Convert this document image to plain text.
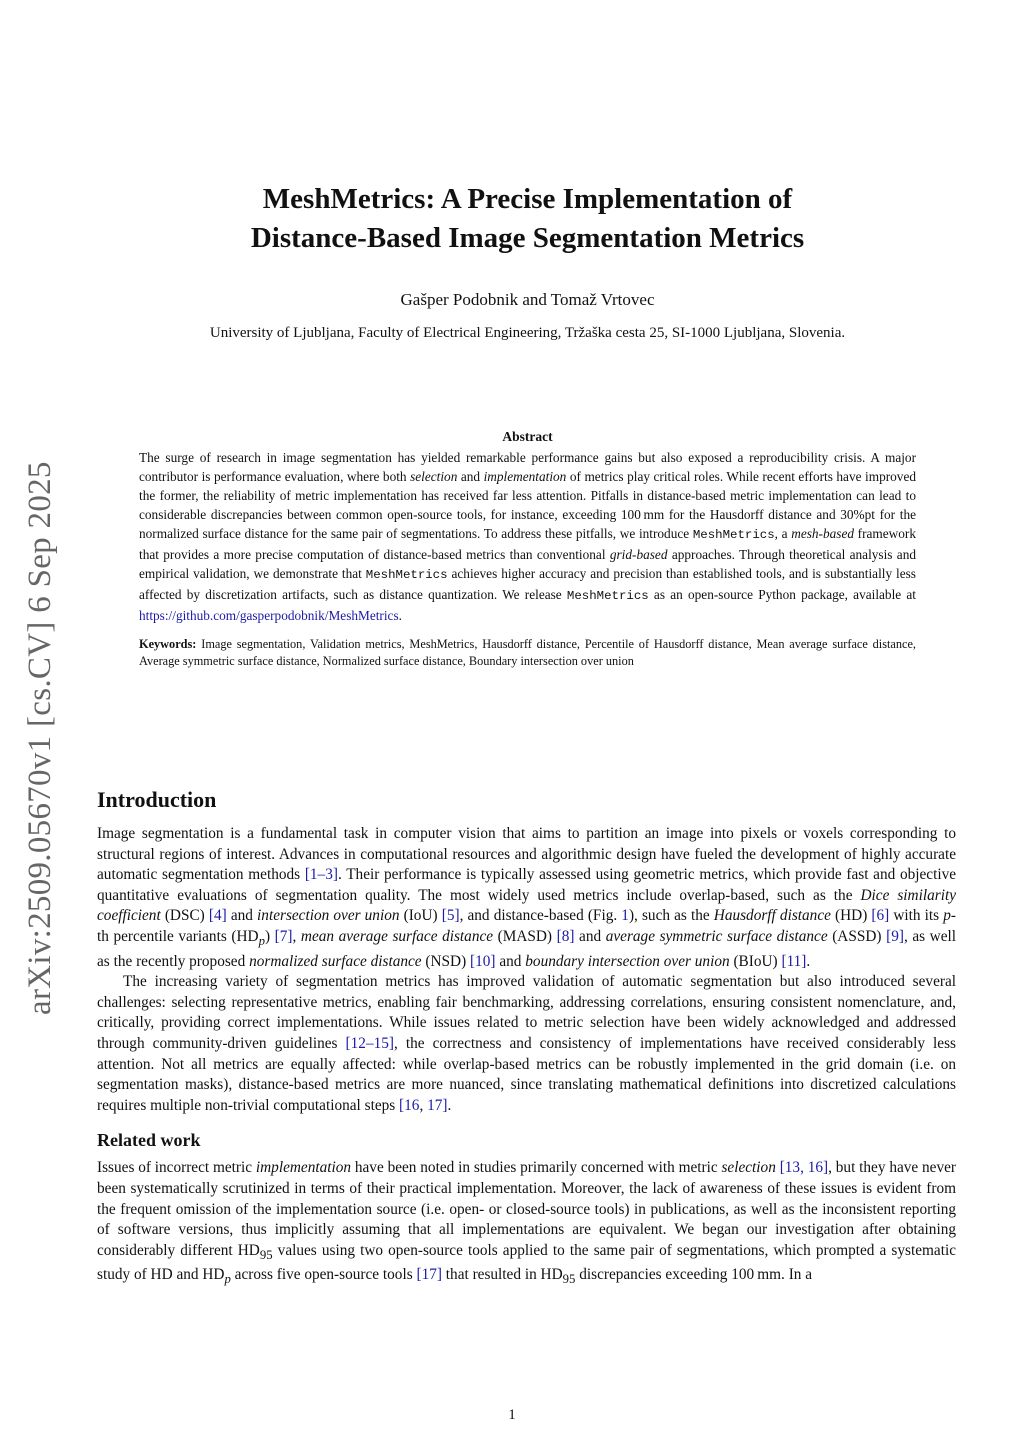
arXiv:2509.05670v1 [cs.CV] 6 Sep 2025
MeshMetrics: A Precise Implementation of
Distance-Based Image Segmentation Metrics
Gašper Podobnik and Tomaž Vrtovec
University of Ljubljana, Faculty of Electrical Engineering, Tržaška cesta 25, SI-1000 Ljubljana, Slovenia.
Abstract

The surge of research in image segmentation has yielded remarkable performance gains but also exposed a reproducibility crisis. A major contributor is performance evaluation, where both selection and implementation of metrics play critical roles. While recent efforts have improved the former, the reliability of metric implementation has received far less attention. Pitfalls in distance-based metric implementation can lead to considerable discrepancies between common open-source tools, for instance, exceeding 100 mm for the Hausdorff distance and 30%pt for the normalized surface distance for the same pair of segmentations. To address these pitfalls, we introduce MeshMetrics, a mesh-based framework that provides a more precise computation of distance-based metrics than conventional grid-based approaches. Through theoretical analysis and empirical validation, we demonstrate that MeshMetrics achieves higher accuracy and precision than established tools, and is substantially less affected by discretization artifacts, such as distance quantization. We release MeshMetrics as an open-source Python package, available at https://github.com/gasperpodobnik/MeshMetrics.

Keywords: Image segmentation, Validation metrics, MeshMetrics, Hausdorff distance, Percentile of Hausdorff distance, Mean average surface distance, Average symmetric surface distance, Normalized surface distance, Boundary intersection over union
Introduction

Image segmentation is a fundamental task in computer vision that aims to partition an image into pixels or voxels corresponding to structural regions of interest. Advances in computational resources and algorithmic design have fueled the development of highly accurate automatic segmentation methods [1–3]. Their performance is typically assessed using geometric metrics, which provide fast and objective quantitative evaluations of segmentation quality. The most widely used metrics include overlap-based, such as the Dice similarity coefficient (DSC) [4] and intersection over union (IoU) [5], and distance-based (Fig. 1), such as the Hausdorff distance (HD) [6] with its p-th percentile variants $(HD_p)$ [7], mean average surface distance (MASD) [8] and average symmetric surface distance (ASSD) [9], as well as the recently proposed normalized surface distance (NSD) [10] and boundary intersection over union (BIoU) [11].

The increasing variety of segmentation metrics has improved validation of automatic segmentation but also introduced several challenges: selecting representative metrics, enabling fair benchmarking, addressing correlations, ensuring consistent nomenclature, and, critically, providing correct implementations. While issues related to metric selection have been widely acknowledged and addressed through community-driven guidelines [12–15], the correctness and consistency of implementations have received considerably less attention. Not all metrics are equally affected: while overlap-based metrics can be robustly implemented in the grid domain (i.e. on segmentation masks), distance-based metrics are more nuanced, since translating mathematical definitions into discretized calculations requires multiple non-trivial computational steps [16, 17].

Related work

Issues of incorrect metric implementation have been noted in studies primarily concerned with metric selection [13, 16], but they have never been systematically scrutinized in terms of their practical implementation. Moreover, the lack of awareness of these issues is evident from the frequent omission of the implementation source (i.e. open- or closed-source tools) in publications, as well as the inconsistent reporting of software versions, thus implicitly assuming that all implementations are equivalent. We began our investigation after obtaining considerably different $HD_{95}$ values using two open-source tools applied to the same pair of segmentations, which prompted a systematic study of HD and $HD_p$ across five open-source tools [17] that resulted in $HD_{95}$ discrepancies exceeding 100 mm. In a

1
